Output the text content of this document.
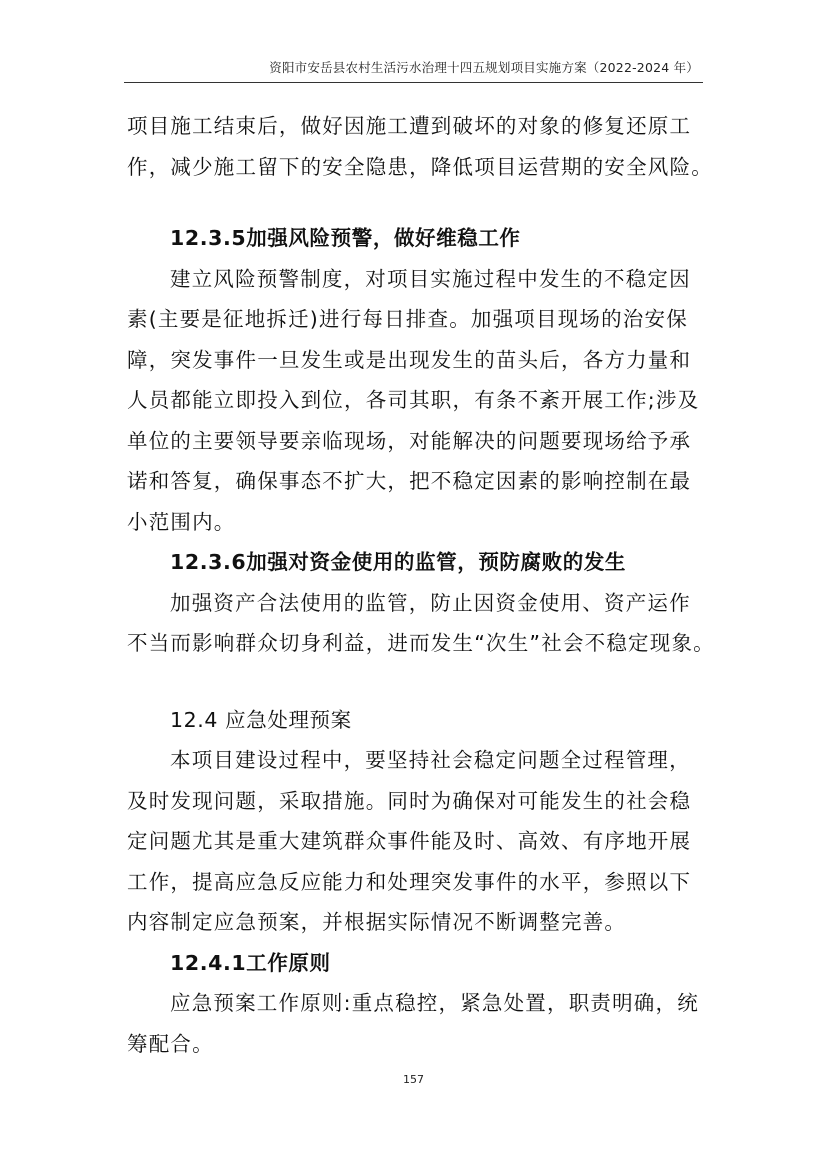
资阳市安岳县农村生活污水治理十四五规划项目实施方案（2022-2024 年）
项目施工结束后，做好因施工遭到破坏的对象的修复还原工
作，减少施工留下的安全隐患，降低项目运营期的安全风险。
12.3.5加强风险预警，做好维稳工作
建立风险预警制度，对项目实施过程中发生的不稳定因
素(主要是征地拆迁)进行每日排查。加强项目现场的治安保
障，突发事件一旦发生或是出现发生的苗头后，各方力量和
人员都能立即投入到位，各司其职，有条不紊开展工作;涉及
单位的主要领导要亲临现场，对能解决的问题要现场给予承
诺和答复，确保事态不扩大，把不稳定因素的影响控制在最
小范围内。
12.3.6加强对资金使用的监管，预防腐败的发生
加强资产合法使用的监管，防止因资金使用、资产运作
不当而影响群众切身利益，进而发生“次生”社会不稳定现象。
12.4 应急处理预案
本项目建设过程中，要坚持社会稳定问题全过程管理，
及时发现问题，采取措施。同时为确保对可能发生的社会稳
定问题尤其是重大建筑群众事件能及时、高效、有序地开展
工作，提高应急反应能力和处理突发事件的水平，参照以下
内容制定应急预案，并根据实际情况不断调整完善。
12.4.1工作原则
应急预案工作原则:重点稳控，紧急处置，职责明确，统
筹配合。
157
